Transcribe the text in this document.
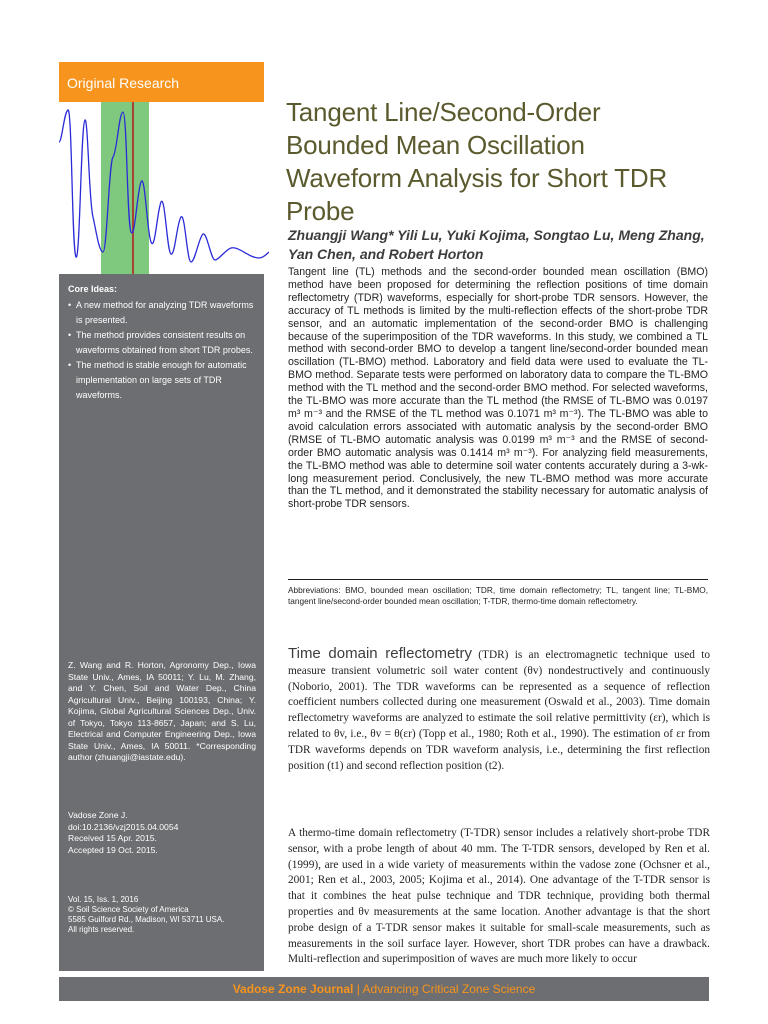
Original Research
Core Ideas:
• A new method for analyzing TDR waveforms is presented.
• The method provides consistent results on waveforms obtained from short TDR probes.
• The method is stable enough for automatic implementation on large sets of TDR waveforms.
Z. Wang and R. Horton, Agronomy Dep., Iowa State Univ., Ames, IA 50011; Y. Lu, M. Zhang, and Y. Chen, Soil and Water Dep., China Agricultural Univ., Beijing 100193, China; Y. Kojima, Global Agricultural Sciences Dep., Univ. of Tokyo, Tokyo 113-8657, Japan; and S. Lu, Electrical and Computer Engineering Dep., Iowa State Univ., Ames, IA 50011. *Corresponding author (zhuangji@iastate.edu).
Vadose Zone J.
doi:10.2136/vzj2015.04.0054
Received 15 Apr. 2015.
Accepted 19 Oct. 2015.
Vol. 15, Iss. 1, 2016
© Soil Science Society of America
5585 Guilford Rd., Madison, WI 53711 USA.
All rights reserved.
Tangent Line/Second-Order Bounded Mean Oscillation Waveform Analysis for Short TDR Probe
Zhuangji Wang* Yili Lu, Yuki Kojima, Songtao Lu, Meng Zhang, Yan Chen, and Robert Horton
Tangent line (TL) methods and the second-order bounded mean oscillation (BMO) method have been proposed for determining the reflection positions of time domain reflectometry (TDR) waveforms, especially for short-probe TDR sensors. However, the accuracy of TL methods is limited by the multi-reflection effects of the short-probe TDR sensor, and an automatic implementation of the second-order BMO is challenging because of the superimposition of the TDR waveforms. In this study, we combined a TL method with second-order BMO to develop a tangent line/second-order bounded mean oscillation (TL-BMO) method. Laboratory and field data were used to evaluate the TL-BMO method. Separate tests were performed on laboratory data to compare the TL-BMO method with the TL method and the second-order BMO method. For selected waveforms, the TL-BMO was more accurate than the TL method (the RMSE of TL-BMO was 0.0197 m³ m⁻³ and the RMSE of the TL method was 0.1071 m³ m⁻³). The TL-BMO was able to avoid calculation errors associated with automatic analysis by the second-order BMO (RMSE of TL-BMO automatic analysis was 0.0199 m³ m⁻³ and the RMSE of second-order BMO automatic analysis was 0.1414 m³ m⁻³). For analyzing field measurements, the TL-BMO method was able to determine soil water contents accurately during a 3-wk-long measurement period. Conclusively, the new TL-BMO method was more accurate than the TL method, and it demonstrated the stability necessary for automatic analysis of short-probe TDR sensors.
Abbreviations: BMO, bounded mean oscillation; TDR, time domain reflectometry; TL, tangent line; TL-BMO, tangent line/second-order bounded mean oscillation; T-TDR, thermo-time domain reflectometry.
Time domain reflectometry (TDR) is an electromagnetic technique used to measure transient volumetric soil water content (θv) nondestructively and continuously (Noborio, 2001). The TDR waveforms can be represented as a sequence of reflection coefficient numbers collected during one measurement (Oswald et al., 2003). Time domain reflectometry waveforms are analyzed to estimate the soil relative permittivity (εr), which is related to θv, i.e., θv = θ(εr) (Topp et al., 1980; Roth et al., 1990). The estimation of εr from TDR waveforms depends on TDR waveform analysis, i.e., determining the first reflection position (t1) and second reflection position (t2).
A thermo-time domain reflectometry (T-TDR) sensor includes a relatively short-probe TDR sensor, with a probe length of about 40 mm. The T-TDR sensors, developed by Ren et al. (1999), are used in a wide variety of measurements within the vadose zone (Ochsner et al., 2001; Ren et al., 2003, 2005; Kojima et al., 2014). One advantage of the T-TDR sensor is that it combines the heat pulse technique and TDR technique, providing both thermal properties and θv measurements at the same location. Another advantage is that the short probe design of a T-TDR sensor makes it suitable for small-scale measurements, such as measurements in the soil surface layer. However, short TDR probes can have a drawback. Multi-reflection and superimposition of waves are much more likely to occur
Vadose Zone Journal | Advancing Critical Zone Science
